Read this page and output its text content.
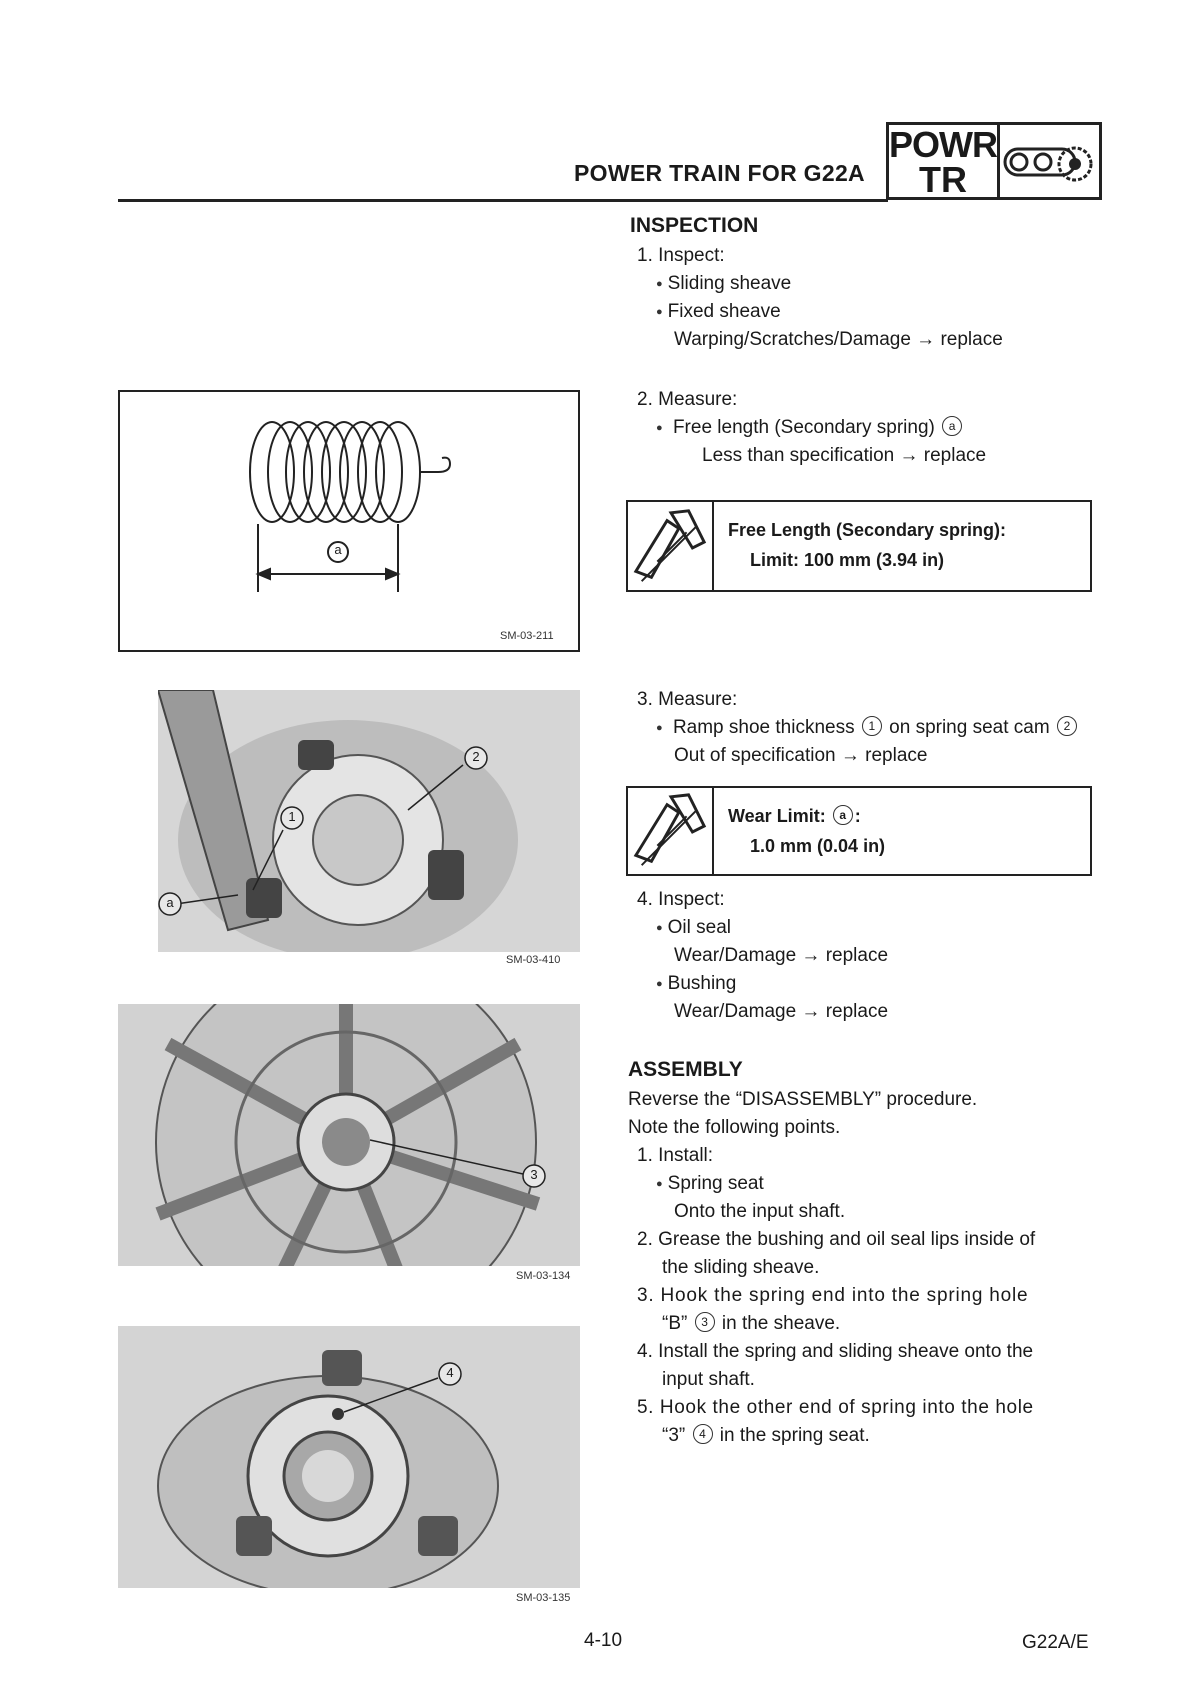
POWER TRAIN FOR G22A
POWR
TR
INSPECTION
1. Inspect:
● Sliding sheave
● Fixed sheave
Warping/Scratches/Damage → replace
2. Measure:
● Free length (Secondary spring) a
Less than specification → replace
Free Length (Secondary spring):
Limit: 100 mm (3.94 in)
3. Measure:
● Ramp shoe thickness 1 on spring seat cam 2
Out of specification → replace
Wear Limit: a :
1.0 mm (0.04 in)
4. Inspect:
● Oil seal
Wear/Damage → replace
● Bushing
Wear/Damage → replace
ASSEMBLY
Reverse the “DISASSEMBLY” procedure.
Note the following points.
1. Install:
● Spring seat
Onto the input shaft.
2. Grease the bushing and oil seal lips inside of
the sliding sheave.
3. Hook the spring end into the spring hole
“B” 3 in the sheave.
4. Install the spring and sliding sheave onto the
input shaft.
5. Hook the other end of spring into the hole
“3” 4 in the spring seat.
a
SM-03-211
1
2
a
SM-03-410
3
SM-03-134
4
SM-03-135
4-10	G22A/E
